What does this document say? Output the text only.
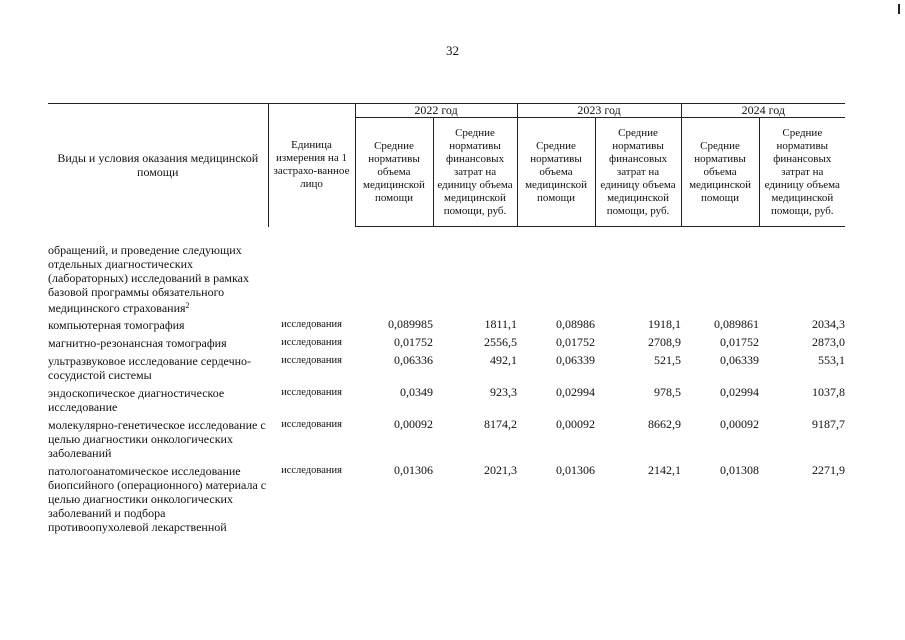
32
Виды и условия оказания медицинской помощи	Единица измерения на 1 застрахо-ванное лицо	2022 год		2023 год		2024 год	
		Средние нормативы объема медицинской помощи	Средние нормативы финансовых затрат на единицу объема медицинской помощи, руб.	Средние нормативы объема медицинской помощи	Средние нормативы финансовых затрат на единицу объема медицинской помощи, руб.	Средние нормативы объема медицинской помощи	Средние нормативы финансовых затрат на единицу объема медицинской помощи, руб.
обращений, и проведение следующих отдельных диагностических (лабораторных) исследований в рамках базовой программы обязательного медицинского страхования$^2$							
компьютерная томография	исследования	0,089985	1811,1	0,08986	1918,1	0,089861	2034,3
магнитно-резонансная томография	исследования	0,01752	2556,5	0,01752	2708,9	0,01752	2873,0
ультразвуковое исследование сердечно-сосудистой системы	исследования	0,06336	492,1	0,06339	521,5	0,06339	553,1
эндоскопическое диагностическое исследование	исследования	0,0349	923,3	0,02994	978,5	0,02994	1037,8
молекулярно-генетическое исследование с целью диагностики онкологических заболеваний	исследования	0,00092	8174,2	0,00092	8662,9	0,00092	9187,7
патологоанатомическое исследование биопсийного (операционного) материала с целью диагностики онкологических заболеваний и подбора противоопухолевой лекарственной	исследования	0,01306	2021,3	0,01306	2142,1	0,01308	2271,9
